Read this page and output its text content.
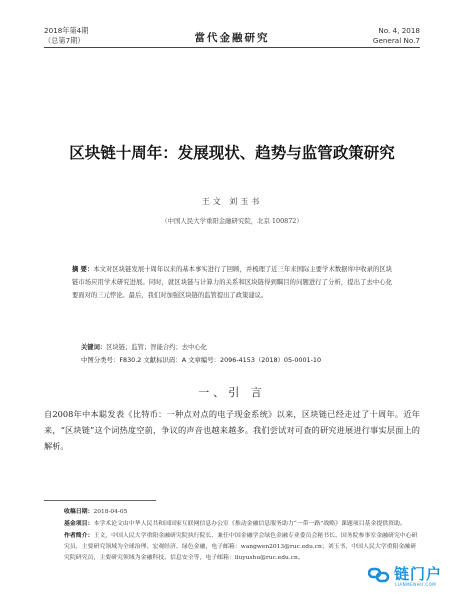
2018年第4期
（总第7期）	當代金融研究
No. 4, 2018
General No.7
区块链十周年：发展现状、趋势与监管政策研究
王文 刘玉书
（中国人民大学重阳金融研究院，北京 100872）
摘 要：本文对区块链发展十周年以来的基本事实进行了回顾，并梳理了近三年来国际主要学术数据库中收录的区块链市场应用学术研究进展。同时，就区块链与计算力的关系和区块链得到瞩目的问题进行了分析，提出了去中心化要面对的三元悖论。最后，我们对加强区块链的监管提出了政策建议。
关键词：区块链；监管；智能合约；去中心化
中图分类号：F830.2 文献标识码：A 文章编号：2096-4153（2018）05-0001-10
一、引 言
自2008年中本聪发表《比特币：一种点对点的电子现金系统》以来，区块链已经走过了十周年。近年来，“区块链”这个词热度空前，争议的声音也越来越多。我们尝试对可查的研究进展进行事实层面上的解析。
收稿日期：2018-04-05
基金项目：本学术论文由中华人民共和国国家互联网信息办公室《推动金融信息服务助力“一带一路”战略》课题项目基金提供资助。
作者简介：王文，中国人民大学重阳金融研究院执行院长、兼任中国金融学会绿色金融专业委员会秘书长、国务院参事室金融研究中心研究员，主要研究领域为全球治理、宏观经济、绿色金融，电子邮箱：wangwen2013@ruc.edu.cn；刘玉书，中国人民大学重阳金融研究院研究员，主要研究领域为金融科技、信息安全等，电子邮箱：liuyushu@ruc.edu.cn。
链门户
LIANMENHU.COM
